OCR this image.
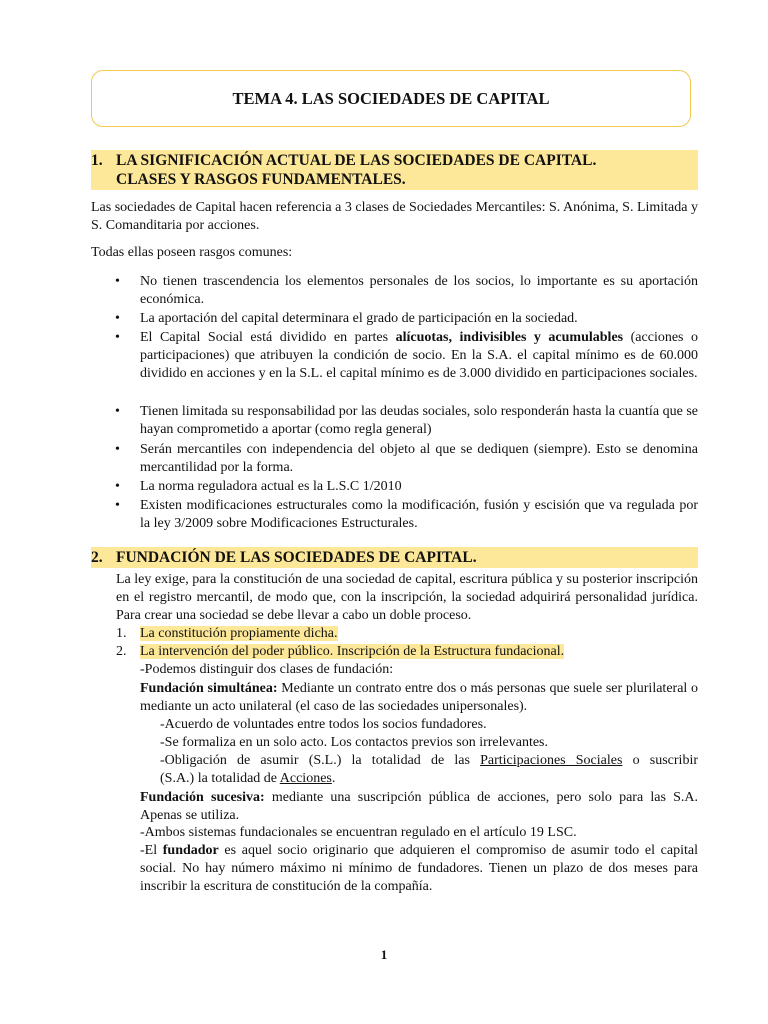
TEMA 4. LAS SOCIEDADES DE CAPITAL
1. LA SIGNIFICACIÓN ACTUAL DE LAS SOCIEDADES DE CAPITAL.
CLASES Y RASGOS FUNDAMENTALES.
Las sociedades de Capital hacen referencia a 3 clases de Sociedades Mercantiles: S. Anónima, S. Limitada y S. Comanditaria por acciones.
Todas ellas poseen rasgos comunes:
• No tienen trascendencia los elementos personales de los socios, lo importante es su aportación económica.
• La aportación del capital determinara el grado de participación en la sociedad.
• El Capital Social está dividido en partes alícuotas, indivisibles y acumulables (acciones o participaciones) que atribuyen la condición de socio. En la S.A. el capital mínimo es de 60.000 dividido en acciones y en la S.L. el capital mínimo es de 3.000 dividido en participaciones sociales.
• Tienen limitada su responsabilidad por las deudas sociales, solo responderán hasta la cuantía que se hayan comprometido a aportar (como regla general)
• Serán mercantiles con independencia del objeto al que se dediquen (siempre). Esto se denomina mercantilidad por la forma.
• La norma reguladora actual es la L.S.C 1/2010
• Existen modificaciones estructurales como la modificación, fusión y escisión que va regulada por la ley 3/2009 sobre Modificaciones Estructurales.
2. FUNDACIÓN DE LAS SOCIEDADES DE CAPITAL.
La ley exige, para la constitución de una sociedad de capital, escritura pública y su posterior inscripción en el registro mercantil, de modo que, con la inscripción, la sociedad adquirirá personalidad jurídica. Para crear una sociedad se debe llevar a cabo un doble proceso.
1. La constitución propiamente dicha.
2. La intervención del poder público. Inscripción de la Estructura fundacional.
-Podemos distinguir dos clases de fundación:
Fundación simultánea: Mediante un contrato entre dos o más personas que suele ser plurilateral o mediante un acto unilateral (el caso de las sociedades unipersonales).
-Acuerdo de voluntades entre todos los socios fundadores.
-Se formaliza en un solo acto. Los contactos previos son irrelevantes.
-Obligación de asumir (S.L.) la totalidad de las Participaciones Sociales o suscribir
(S.A.) la totalidad de Acciones.
Fundación sucesiva: mediante una suscripción pública de acciones, pero solo para las S.A. Apenas se utiliza.
-Ambos sistemas fundacionales se encuentran regulado en el artículo 19 LSC.
-El fundador es aquel socio originario que adquieren el compromiso de asumir todo el capital social. No hay número máximo ni mínimo de fundadores. Tienen un plazo de dos meses para inscribir la escritura de constitución de la compañía.
1
